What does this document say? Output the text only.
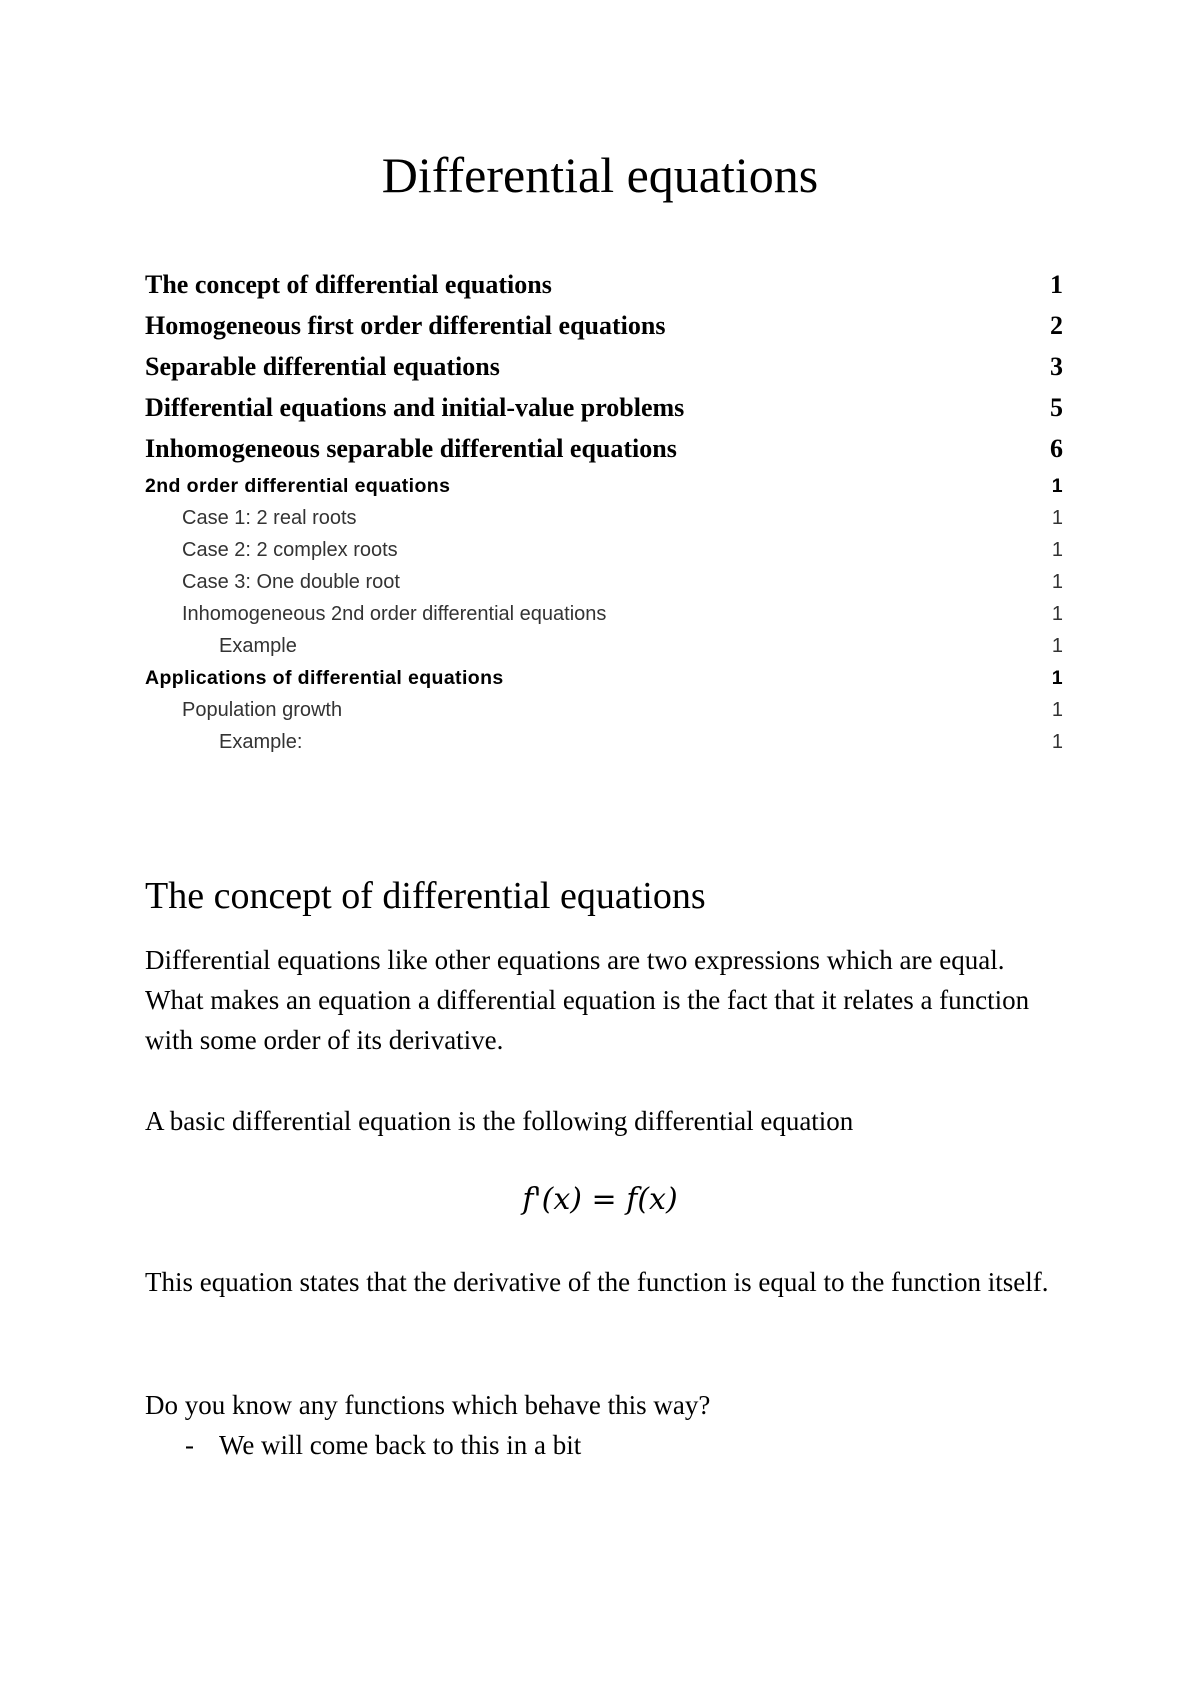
Differential equations
The concept of differential equations	1
Homogeneous first order differential equations	2
Separable differential equations	3
Differential equations and initial-value problems	5
Inhomogeneous separable differential equations	6
2nd order differential equations	1
Case 1: 2 real roots	1
Case 2: 2 complex roots	1
Case 3: One double root	1
Inhomogeneous 2nd order differential equations	1
Example	1
Applications of differential equations	1
Population growth	1
Example:	1
The concept of differential equations

Differential equations like other equations are two expressions which are equal. What makes an equation a differential equation is the fact that it relates a function with some order of its derivative.

A basic differential equation is the following differential equation

f'(x) = f(x)

This equation states that the derivative of the function is equal to the function itself.

Do you know any functions which behave this way?

- We will come back to this in a bit
